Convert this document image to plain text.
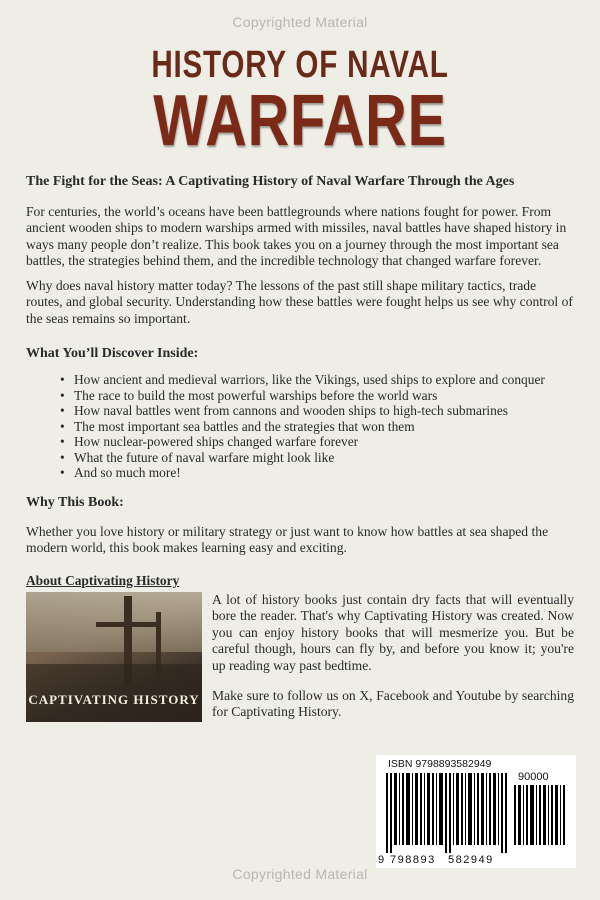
Copyrighted Material
HISTORY OF NAVAL
WARFARE
The Fight for the Seas: A Captivating History of Naval Warfare Through the Ages
For centuries, the world’s oceans have been battlegrounds where nations fought for power. From ancient wooden ships to modern warships armed with missiles, naval battles have shaped history in ways many people don’t realize. This book takes you on a journey through the most important sea battles, the strategies behind them, and the incredible technology that changed warfare forever.
Why does naval history matter today? The lessons of the past still shape military tactics, trade routes, and global security. Understanding how these battles were fought helps us see why control of the seas remains so important.
What You’ll Discover Inside:
• How ancient and medieval warriors, like the Vikings, used ships to explore and conquer
• The race to build the most powerful warships before the world wars
• How naval battles went from cannons and wooden ships to high-tech submarines
• The most important sea battles and the strategies that won them
• How nuclear-powered ships changed warfare forever
• What the future of naval warfare might look like
• And so much more!
Why This Book:
Whether you love history or military strategy or just want to know how battles at sea shaped the modern world, this book makes learning easy and exciting.
About Captivating History
CAPTIVATING HISTORY

A lot of history books just contain dry facts that will eventually bore the reader. That's why Captivating History was created. Now you can enjoy history books that will mesmerize you. But be careful though, hours can fly by, and before you know it; you're up reading way past bedtime.

Make sure to follow us on X, Facebook and Youtube by searching for Captivating History.

ISBN 9798893582949
90000
9 798893 582949
Copyrighted Material
